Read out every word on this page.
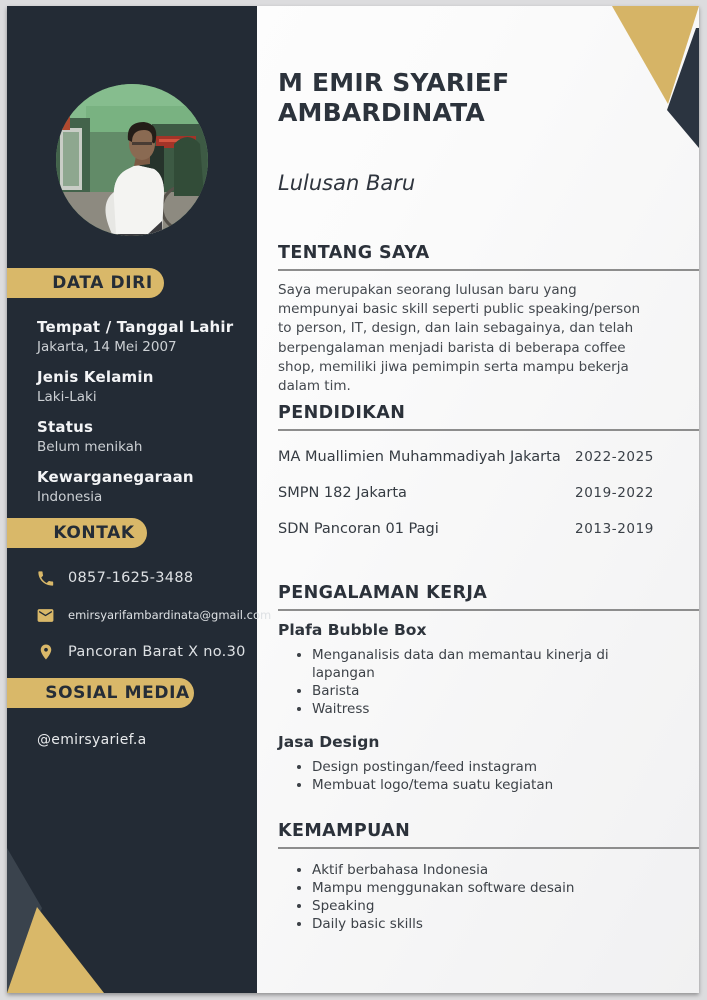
DATA DIRI
Tempat / Tanggal Lahir
Jakarta, 14 Mei 2007
Jenis Kelamin
Laki-Laki
Status
Belum menikah
Kewarganegaraan
Indonesia
KONTAK
0857-1625-3488
emirsyarifambardinata@gmail.com
Pancoran Barat X no.30
SOSIAL MEDIA
@emirsyarief.a
M EMIR SYARIEF AMBARDINATA
Lulusan Baru
TENTANG SAYA

Saya merupakan seorang lulusan baru yang mempunyai basic skill seperti public speaking/person to person, IT, design, dan lain sebagainya, dan telah berpengalaman menjadi barista di beberapa coffee shop, memiliki jiwa pemimpin serta mampu bekerja dalam tim.

PENDIDIKAN
MA Muallimien Muhammadiyah Jakarta 2022-2025
SMPN 182 Jakarta	2019-2022
SDN Pancoran 01 Pagi	2013-2019
PENGALAMAN KERJA
Plafa Bubble Box
• Menganalisis data dan memantau kinerja di lapangan
• Barista
• Waitress
Jasa Design
• Design postingan/feed instagram
• Membuat logo/tema suatu kegiatan
KEMAMPUAN
• Aktif berbahasa Indonesia
• Mampu menggunakan software desain
• Speaking
• Daily basic skills
